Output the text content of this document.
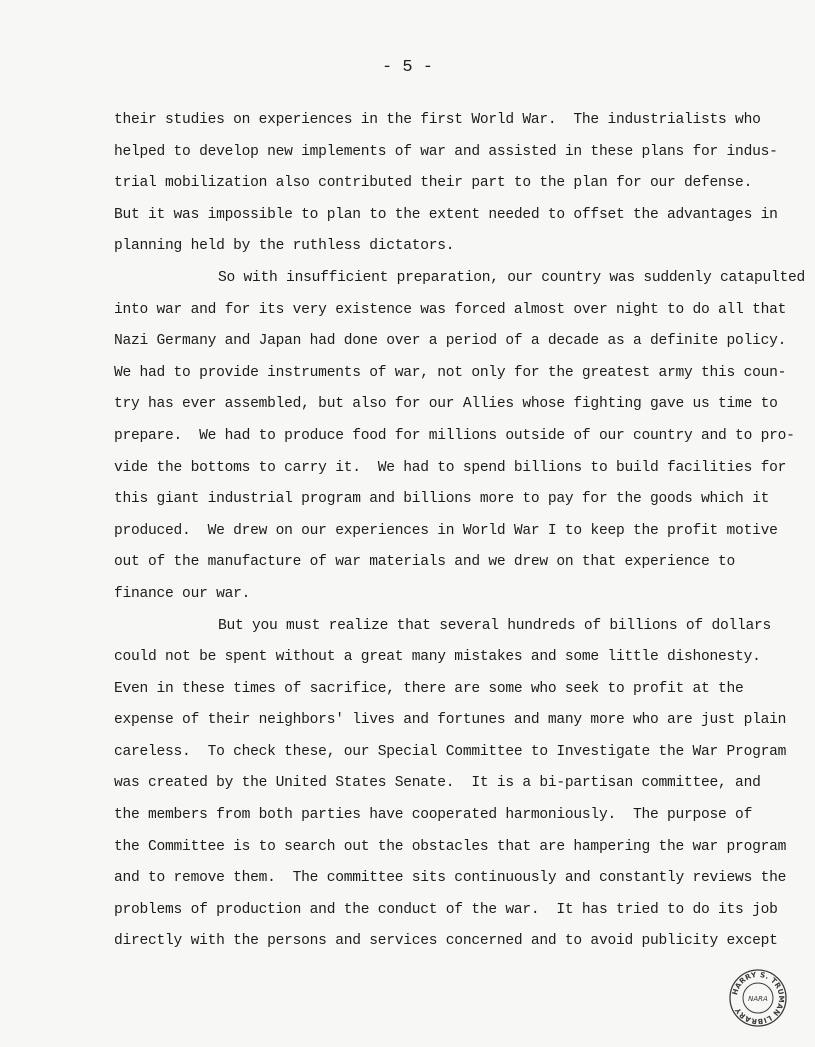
- 5 -
their studies on experiences in the first World War.  The industrialists who
helped to develop new implements of war and assisted in these plans for indus-
trial mobilization also contributed their part to the plan for our defense.
But it was impossible to plan to the extent needed to offset the advantages in
planning held by the ruthless dictators.
So with insufficient preparation, our country was suddenly catapulted
into war and for its very existence was forced almost over night to do all that
Nazi Germany and Japan had done over a period of a decade as a definite policy.
We had to provide instruments of war, not only for the greatest army this coun-
try has ever assembled, but also for our Allies whose fighting gave us time to
prepare.  We had to produce food for millions outside of our country and to pro-
vide the bottoms to carry it.  We had to spend billions to build facilities for
this giant industrial program and billions more to pay for the goods which it
produced.  We drew on our experiences in World War I to keep the profit motive
out of the manufacture of war materials and we drew on that experience to
finance our war.
But you must realize that several hundreds of billions of dollars
could not be spent without a great many mistakes and some little dishonesty.
Even in these times of sacrifice, there are some who seek to profit at the
expense of their neighbors' lives and fortunes and many more who are just plain
careless.  To check these, our Special Committee to Investigate the War Program
was created by the United States Senate.  It is a bi-partisan committee, and
the members from both parties have cooperated harmoniously.  The purpose of
the Committee is to search out the obstacles that are hampering the war program
and to remove them.  The committee sits continuously and constantly reviews the
problems of production and the conduct of the war.  It has tried to do its job
directly with the persons and services concerned and to avoid publicity except
HARRY S. TRUMAN LIBRARY
NARA
